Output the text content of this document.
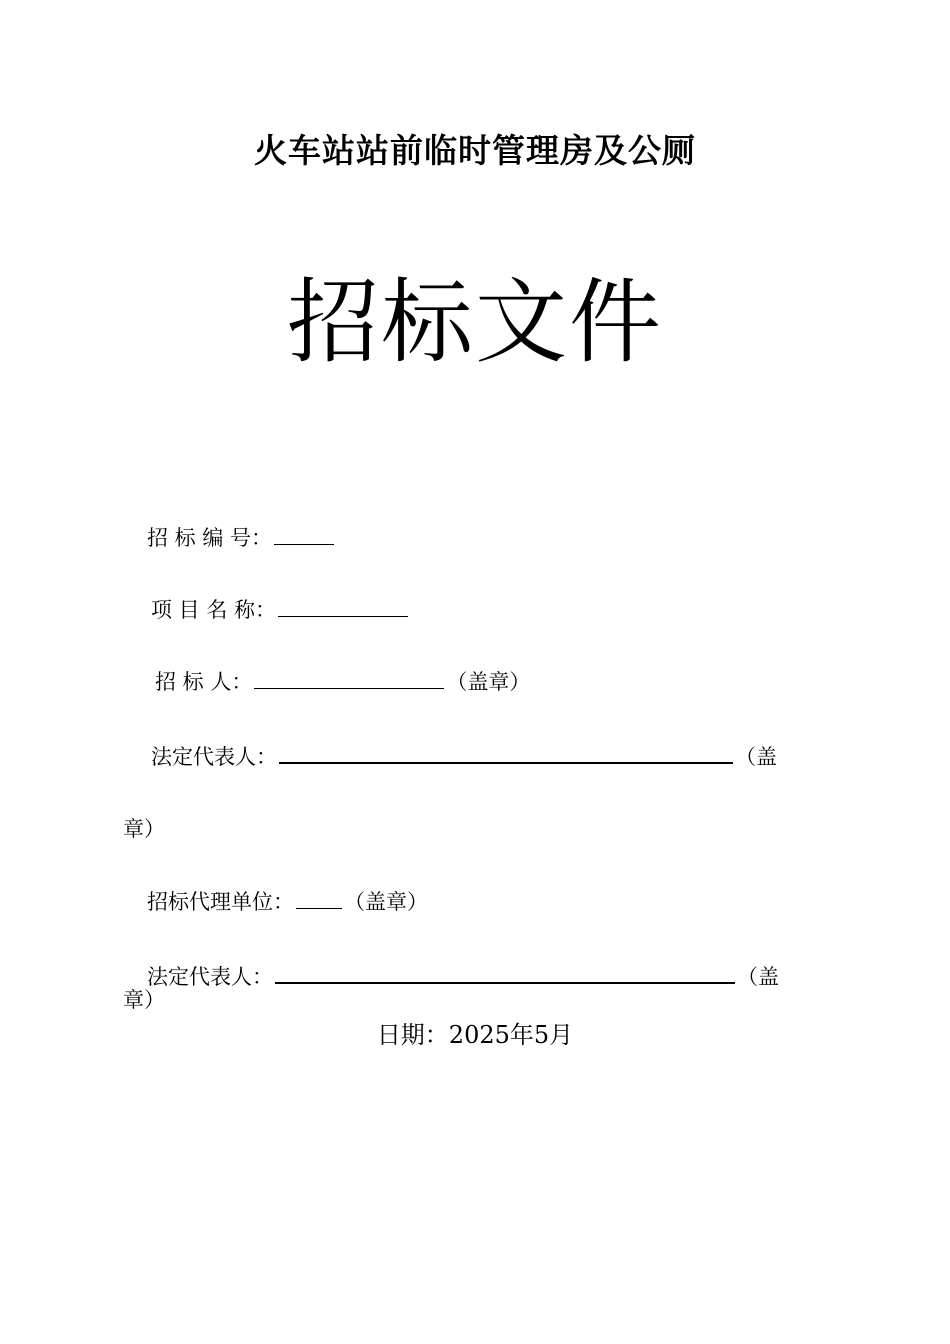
火车站站前临时管理房及公厕
招标文件
招 标 编 号：
项 目 名 称：
招 标 人：	（盖章）
法定代表人：	（盖
章）
招标代理单位： （盖章）
法定代表人：	（盖
章）
日期：2025年5月
